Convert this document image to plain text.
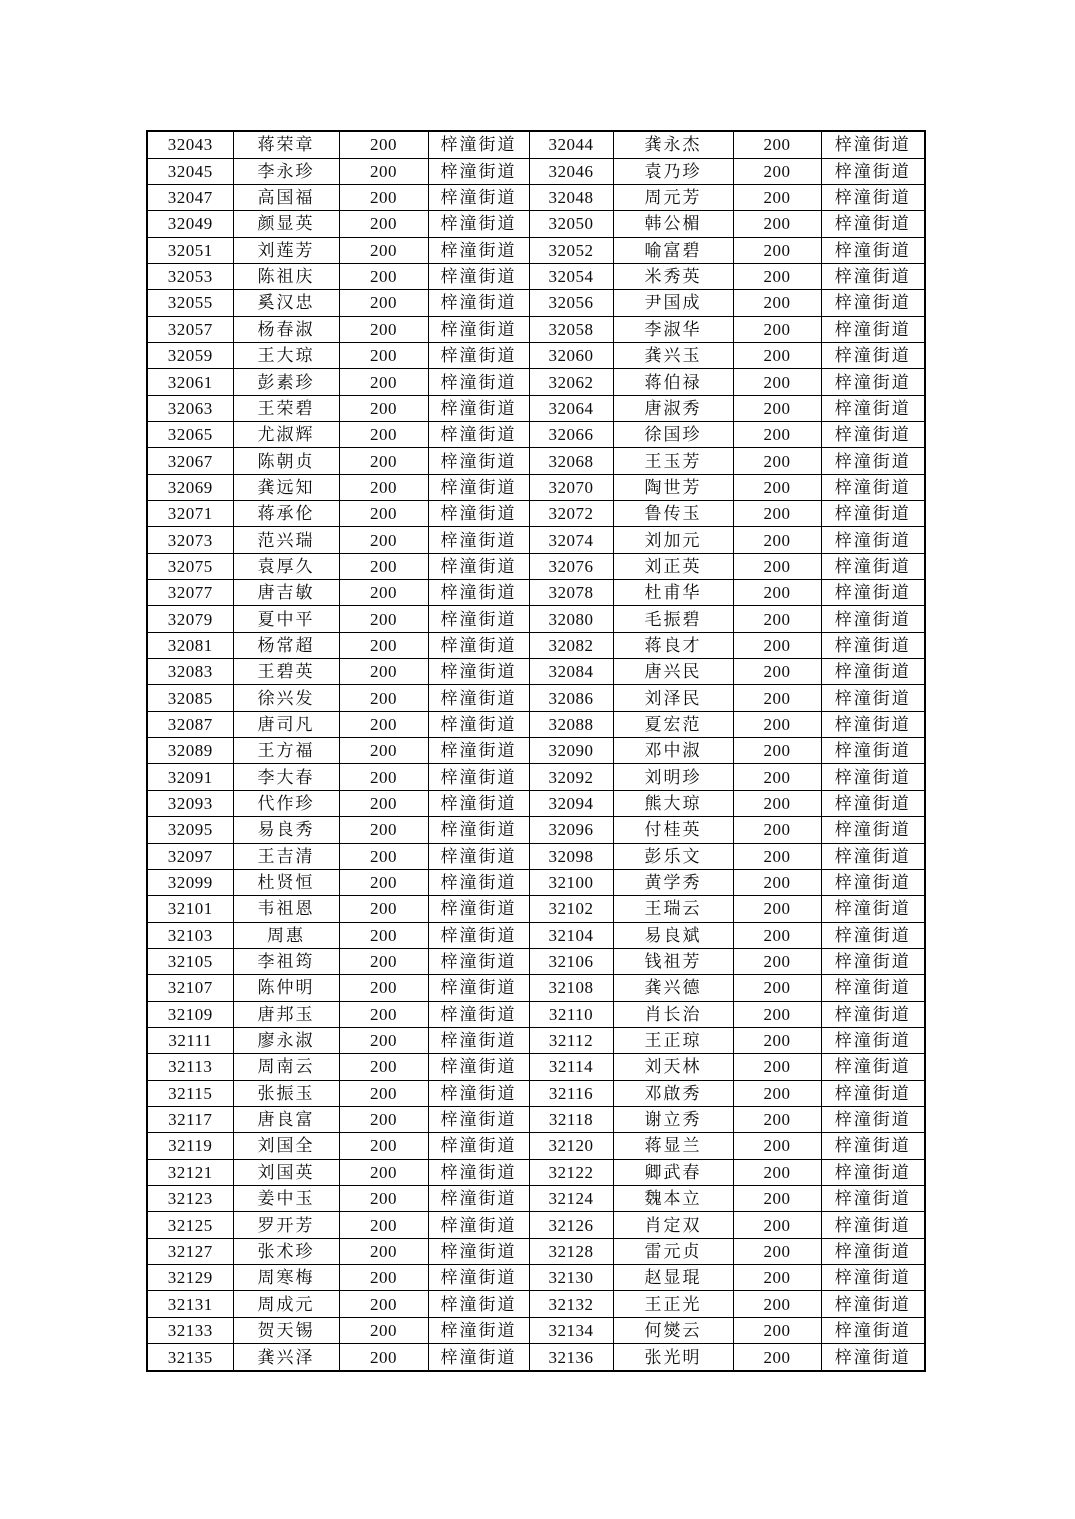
32043	蒋荣章	200	梓潼街道	32044	龚永杰	200	梓潼街道
32045	李永珍	200	梓潼街道	32046	袁乃珍	200	梓潼街道
32047	高国福	200	梓潼街道	32048	周元芳	200	梓潼街道
32049	颜显英	200	梓潼街道	32050	韩公楣	200	梓潼街道
32051	刘莲芳	200	梓潼街道	32052	喻富碧	200	梓潼街道
32053	陈祖庆	200	梓潼街道	32054	米秀英	200	梓潼街道
32055	奚汉忠	200	梓潼街道	32056	尹国成	200	梓潼街道
32057	杨春淑	200	梓潼街道	32058	李淑华	200	梓潼街道
32059	王大琼	200	梓潼街道	32060	龚兴玉	200	梓潼街道
32061	彭素珍	200	梓潼街道	32062	蒋伯禄	200	梓潼街道
32063	王荣碧	200	梓潼街道	32064	唐淑秀	200	梓潼街道
32065	尤淑辉	200	梓潼街道	32066	徐国珍	200	梓潼街道
32067	陈朝贞	200	梓潼街道	32068	王玉芳	200	梓潼街道
32069	龚远知	200	梓潼街道	32070	陶世芳	200	梓潼街道
32071	蒋承伦	200	梓潼街道	32072	鲁传玉	200	梓潼街道
32073	范兴瑞	200	梓潼街道	32074	刘加元	200	梓潼街道
32075	袁厚久	200	梓潼街道	32076	刘正英	200	梓潼街道
32077	唐吉敏	200	梓潼街道	32078	杜甫华	200	梓潼街道
32079	夏中平	200	梓潼街道	32080	毛振碧	200	梓潼街道
32081	杨常超	200	梓潼街道	32082	蒋良才	200	梓潼街道
32083	王碧英	200	梓潼街道	32084	唐兴民	200	梓潼街道
32085	徐兴发	200	梓潼街道	32086	刘泽民	200	梓潼街道
32087	唐司凡	200	梓潼街道	32088	夏宏范	200	梓潼街道
32089	王方福	200	梓潼街道	32090	邓中淑	200	梓潼街道
32091	李大春	200	梓潼街道	32092	刘明珍	200	梓潼街道
32093	代作珍	200	梓潼街道	32094	熊大琼	200	梓潼街道
32095	易良秀	200	梓潼街道	32096	付桂英	200	梓潼街道
32097	王吉清	200	梓潼街道	32098	彭乐文	200	梓潼街道
32099	杜贤恒	200	梓潼街道	32100	黄学秀	200	梓潼街道
32101	韦祖恩	200	梓潼街道	32102	王瑞云	200	梓潼街道
32103	周惠	200	梓潼街道	32104	易良斌	200	梓潼街道
32105	李祖筠	200	梓潼街道	32106	钱祖芳	200	梓潼街道
32107	陈仲明	200	梓潼街道	32108	龚兴德	200	梓潼街道
32109	唐邦玉	200	梓潼街道	32110	肖长治	200	梓潼街道
32111	廖永淑	200	梓潼街道	32112	王正琼	200	梓潼街道
32113	周南云	200	梓潼街道	32114	刘天林	200	梓潼街道
32115	张振玉	200	梓潼街道	32116	邓啟秀	200	梓潼街道
32117	唐良富	200	梓潼街道	32118	谢立秀	200	梓潼街道
32119	刘国全	200	梓潼街道	32120	蒋显兰	200	梓潼街道
32121	刘国英	200	梓潼街道	32122	卿武春	200	梓潼街道
32123	姜中玉	200	梓潼街道	32124	魏本立	200	梓潼街道
32125	罗开芳	200	梓潼街道	32126	肖定双	200	梓潼街道
32127	张术珍	200	梓潼街道	32128	雷元贞	200	梓潼街道
32129	周寒梅	200	梓潼街道	32130	赵显琨	200	梓潼街道
32131	周成元	200	梓潼街道	32132	王正光	200	梓潼街道
32133	贺天锡	200	梓潼街道	32134	何爕云	200	梓潼街道
32135	龚兴泽	200	梓潼街道	32136	张光明	200	梓潼街道
